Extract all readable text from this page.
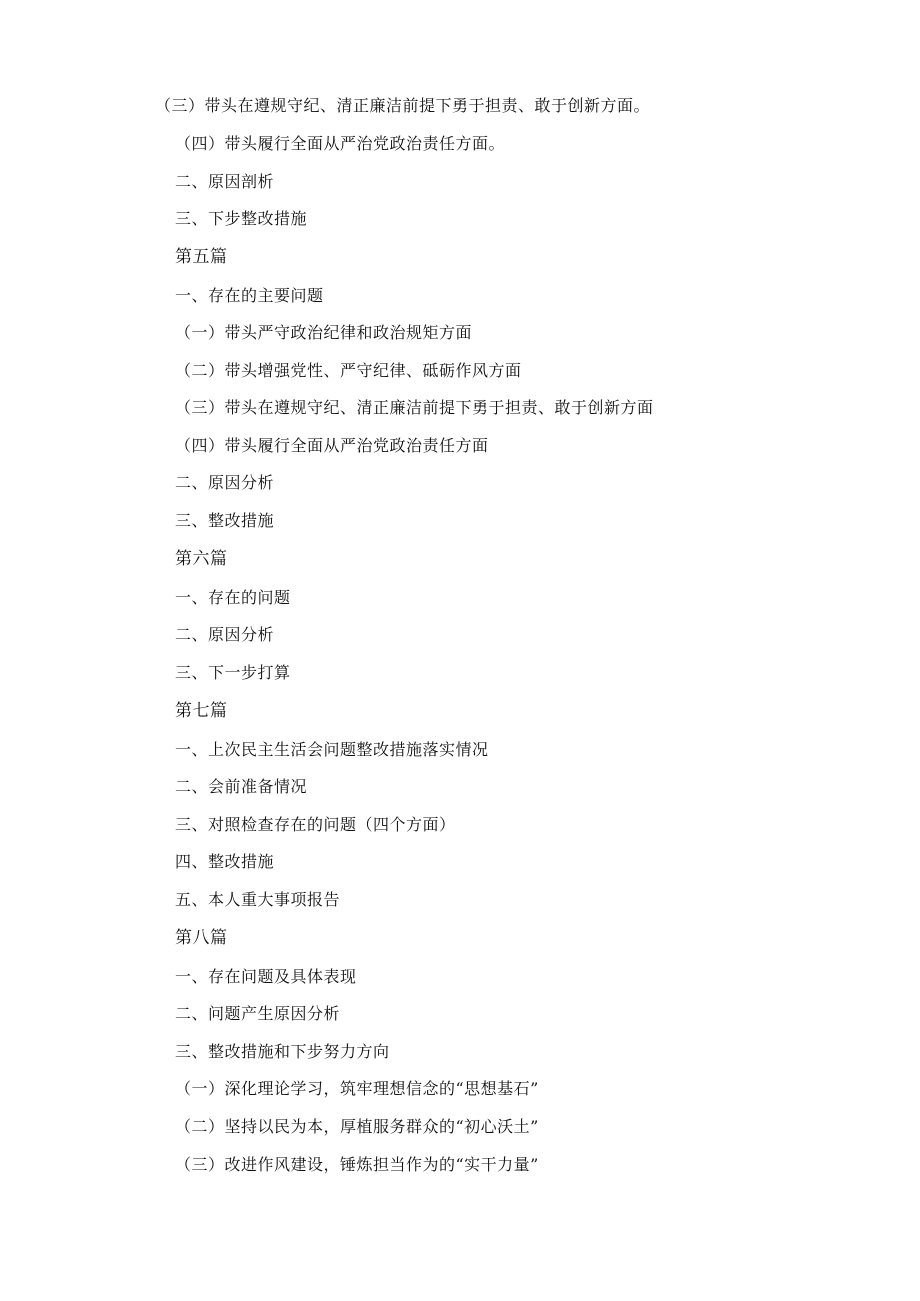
（三）带头在遵规守纪、清正廉洁前提下勇于担责、敢于创新方面。
（四）带头履行全面从严治党政治责任方面。
二、原因剖析
三、下步整改措施
第五篇
一、存在的主要问题
（一）带头严守政治纪律和政治规矩方面
（二）带头增强党性、严守纪律、砥砺作风方面
（三）带头在遵规守纪、清正廉洁前提下勇于担责、敢于创新方面
（四）带头履行全面从严治党政治责任方面
二、原因分析
三、整改措施
第六篇
一、存在的问题
二、原因分析
三、下一步打算
第七篇
一、上次民主生活会问题整改措施落实情况
二、会前准备情况
三、对照检查存在的问题（四个方面）
四、整改措施
五、本人重大事项报告
第八篇
一、存在问题及具体表现
二、问题产生原因分析
三、整改措施和下步努力方向
（一）深化理论学习，筑牢理想信念的“思想基石”
（二）坚持以民为本，厚植服务群众的“初心沃土”
（三）改进作风建设，锤炼担当作为的“实干力量”
